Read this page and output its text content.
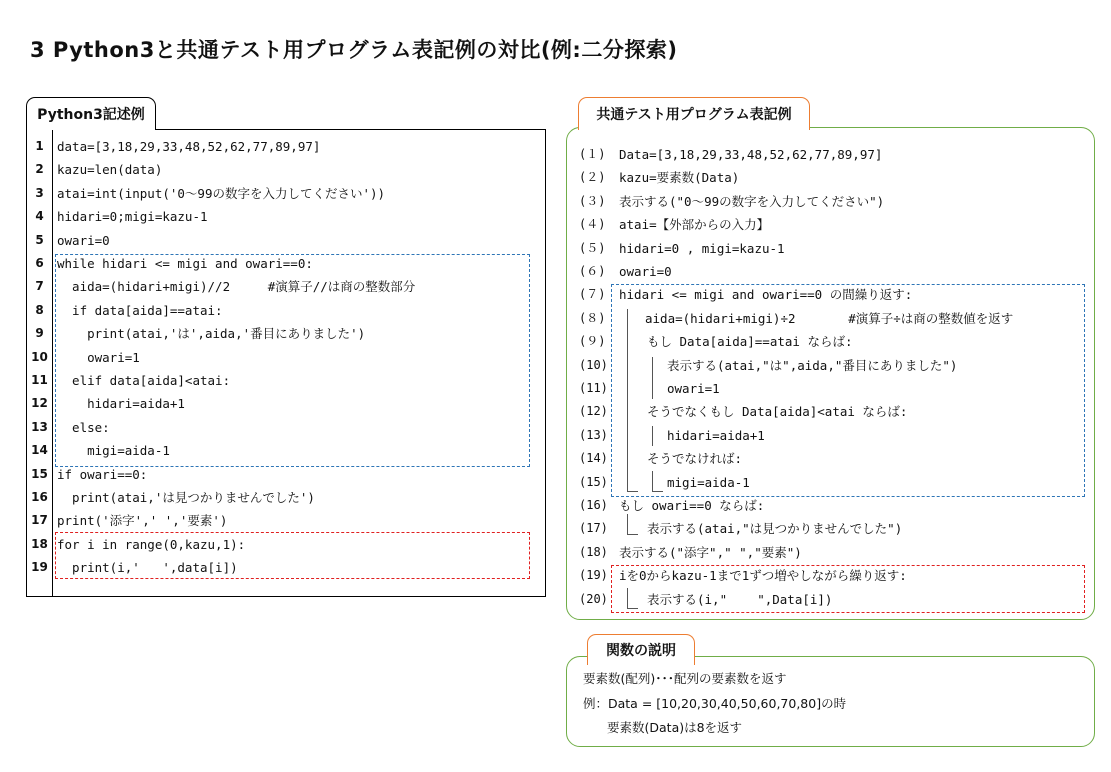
3 Python3と共通テスト用プログラム表記例の対比(例:二分探索)
Python3記述例
1	data=[3,18,29,33,48,52,62,77,89,97]
2	kazu=len(data)
3	atai=int(input('0～99の数字を入力してください'))
4	hidari=0;migi=kazu-1
5	owari=0
6	while hidari <= migi and owari==0:
7	aida=(hidari+migi)//2     #演算子//は商の整数部分
8	if data[aida]==atai:
9	print(atai,'は',aida,'番目にありました')
10 owari=1
11 elif data[aida]<atai:
12 hidari=aida+1
13 else:
14 migi=aida-1
15 if owari==0:
16 print(atai,'は見つかりませんでした')
17 print('添字',' ','要素')
18 for i in range(0,kazu,1):
19 print(i,'   ',data[i])
共通テスト用プログラム表記例
(１)	Data=[3,18,29,33,48,52,62,77,89,97]
(２)	kazu=要素数(Data)
(３)	表示する("0～99の数字を入力してください")
(４)	atai=【外部からの入力】
(５)	hidari=0 , migi=kazu-1
(６)	owari=0
(７)	hidari <= migi and owari==0 の間繰り返す:
(８)	aida=(hidari+migi)÷2       #演算子÷は商の整数値を返す
(９)	もし Data[aida]==atai ならば:
(10)	表示する(atai,"は",aida,"番目にありました")
(11)	owari=1
(12)	そうでなくもし Data[aida]<atai ならば:
(13)	hidari=aida+1
(14)	そうでなければ:
(15)	migi=aida-1
(16) もし owari==0 ならば:
(17)	表示する(atai,"は見つかりませんでした")
(18) 表示する("添字"," ","要素")
(19) iを0からkazu-1まで1ずつ増やしながら繰り返す:
(20)	表示する(i,"    ",Data[i])
関数の説明
要素数(配列)･･･配列の要素数を返す
例：Data = [10,20,30,40,50,60,70,80]の時
要素数(Data)は8を返す
